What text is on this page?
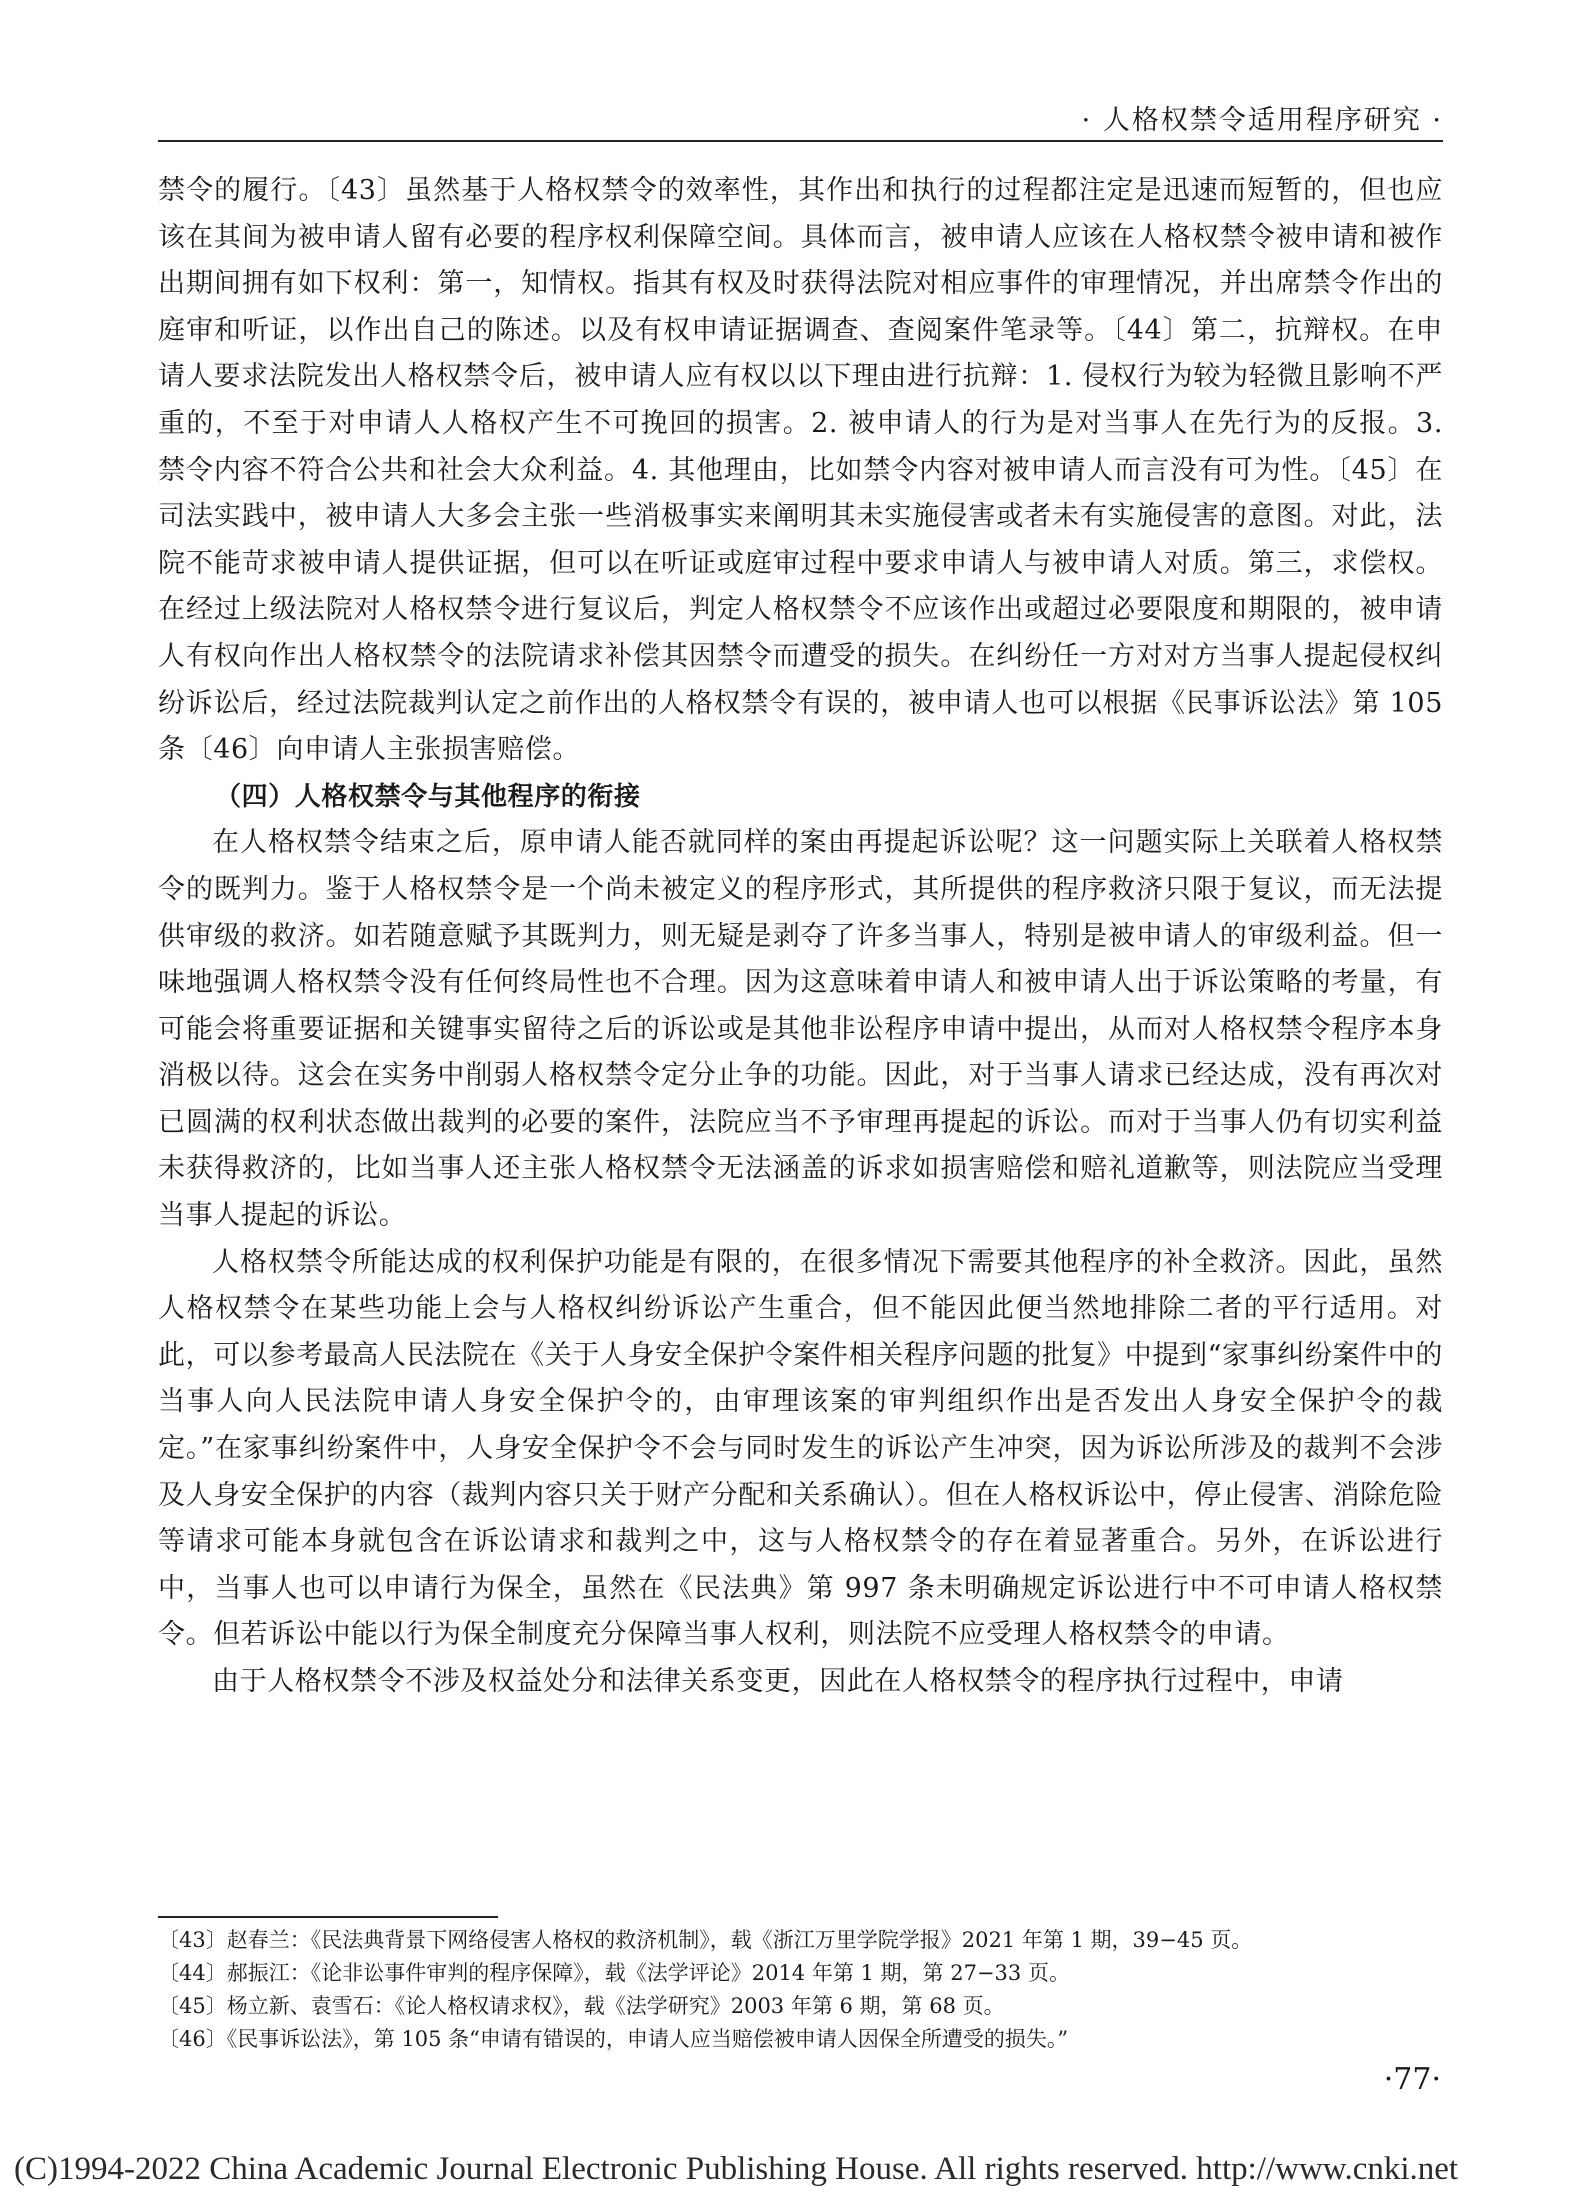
· 人格权禁令适用程序研究 ·

禁令的履行。〔43〕虽然基于人格权禁令的效率性，其作出和执行的过程都注定是迅速而短暂的，但也应该在其间为被申请人留有必要的程序权利保障空间。具体而言，被申请人应该在人格权禁令被申请和被作出期间拥有如下权利：第一，知情权。指其有权及时获得法院对相应事件的审理情况，并出席禁令作出的庭审和听证，以作出自己的陈述。以及有权申请证据调查、查阅案件笔录等。〔44〕第二，抗辩权。在申请人要求法院发出人格权禁令后，被申请人应有权以以下理由进行抗辩：1. 侵权行为较为轻微且影响不严重的，不至于对申请人人格权产生不可挽回的损害。2. 被申请人的行为是对当事人在先行为的反报。3. 禁令内容不符合公共和社会大众利益。4. 其他理由，比如禁令内容对被申请人而言没有可为性。〔45〕在司法实践中，被申请人大多会主张一些消极事实来阐明其未实施侵害或者未有实施侵害的意图。对此，法院不能苛求被申请人提供证据，但可以在听证或庭审过程中要求申请人与被申请人对质。第三，求偿权。在经过上级法院对人格权禁令进行复议后，判定人格权禁令不应该作出或超过必要限度和期限的，被申请人有权向作出人格权禁令的法院请求补偿其因禁令而遭受的损失。在纠纷任一方对对方当事人提起侵权纠纷诉讼后，经过法院裁判认定之前作出的人格权禁令有误的，被申请人也可以根据《民事诉讼法》第 105 条〔46〕向申请人主张损害赔偿。

（四）人格权禁令与其他程序的衔接

在人格权禁令结束之后，原申请人能否就同样的案由再提起诉讼呢？这一问题实际上关联着人格权禁令的既判力。鉴于人格权禁令是一个尚未被定义的程序形式，其所提供的程序救济只限于复议，而无法提供审级的救济。如若随意赋予其既判力，则无疑是剥夺了许多当事人，特别是被申请人的审级利益。但一味地强调人格权禁令没有任何终局性也不合理。因为这意味着申请人和被申请人出于诉讼策略的考量，有可能会将重要证据和关键事实留待之后的诉讼或是其他非讼程序申请中提出，从而对人格权禁令程序本身消极以待。这会在实务中削弱人格权禁令定分止争的功能。因此，对于当事人请求已经达成，没有再次对已圆满的权利状态做出裁判的必要的案件，法院应当不予审理再提起的诉讼。而对于当事人仍有切实利益未获得救济的，比如当事人还主张人格权禁令无法涵盖的诉求如损害赔偿和赔礼道歉等，则法院应当受理当事人提起的诉讼。

人格权禁令所能达成的权利保护功能是有限的，在很多情况下需要其他程序的补全救济。因此，虽然人格权禁令在某些功能上会与人格权纠纷诉讼产生重合，但不能因此便当然地排除二者的平行适用。对此，可以参考最高人民法院在《关于人身安全保护令案件相关程序问题的批复》中提到“家事纠纷案件中的当事人向人民法院申请人身安全保护令的，由审理该案的审判组织作出是否发出人身安全保护令的裁定。”在家事纠纷案件中，人身安全保护令不会与同时发生的诉讼产生冲突，因为诉讼所涉及的裁判不会涉及人身安全保护的内容（裁判内容只关于财产分配和关系确认）。但在人格权诉讼中，停止侵害、消除危险等请求可能本身就包含在诉讼请求和裁判之中，这与人格权禁令的存在着显著重合。另外，在诉讼进行中，当事人也可以申请行为保全，虽然在《民法典》第 997 条未明确规定诉讼进行中不可申请人格权禁令。但若诉讼中能以行为保全制度充分保障当事人权利，则法院不应受理人格权禁令的申请。

由于人格权禁令不涉及权益处分和法律关系变更，因此在人格权禁令的程序执行过程中，申请

〔43〕赵春兰：《民法典背景下网络侵害人格权的救济机制》，载《浙江万里学院学报》2021 年第 1 期，39−45 页。
〔44〕郝振江：《论非讼事件审判的程序保障》，载《法学评论》2014 年第 1 期，第 27−33 页。
〔45〕杨立新、袁雪石：《论人格权请求权》，载《法学研究》2003 年第 6 期，第 68 页。
〔46〕《民事诉讼法》，第 105 条“申请有错误的，申请人应当赔偿被申请人因保全所遭受的损失。”
·77·
(C)1994-2022 China Academic Journal Electronic Publishing House. All rights reserved. http://www.cnki.net
